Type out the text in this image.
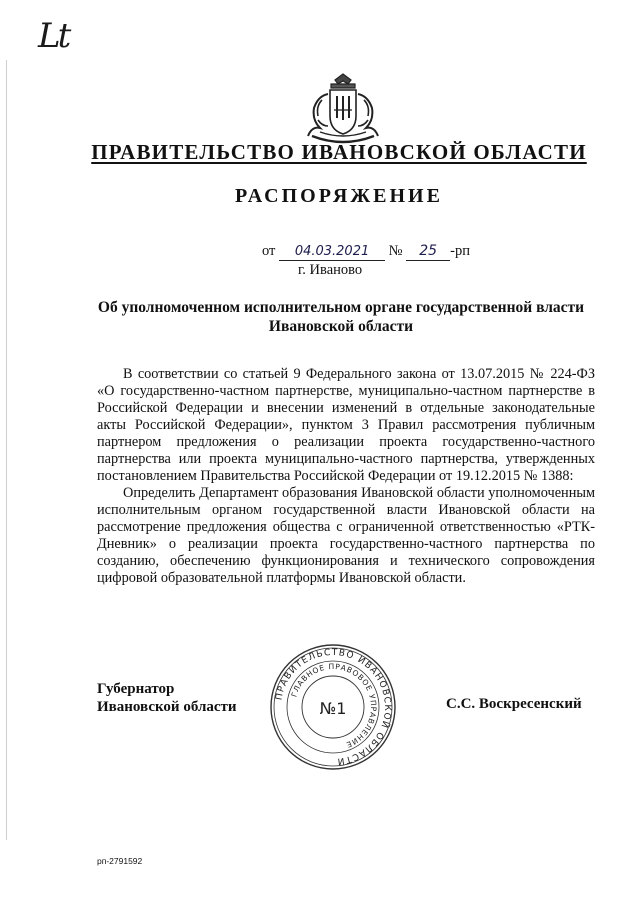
Lt
ПРАВИТЕЛЬСТВО ИВАНОВСКОЙ ОБЛАСТИ
РАСПОРЯЖЕНИЕ
от 04.03.2021 № 25 -рп
г. Иваново
Об уполномоченном исполнительном органе государственной власти
Ивановской области

В соответствии со статьей 9 Федерального закона от 13.07.2015 № 224-ФЗ «О государственно-частном партнерстве, муниципально-частном партнерстве в Российской Федерации и внесении изменений в отдельные законодательные акты Российской Федерации», пунктом 3 Правил рассмотрения публичным партнером предложения о реализации проекта государственно-частного партнерства или проекта муниципально-частного партнерства, утвержденных постановлением Правительства Российской Федерации от 19.12.2015 № 1388:

Определить Департамент образования Ивановской области уполномоченным исполнительным органом государственной власти Ивановской области на рассмотрение предложения общества с ограниченной ответственностью «РТК-Дневник» о реализации проекта государственно-частного партнерства по созданию, обеспечению функционирования и технического сопровождения цифровой образовательной платформы Ивановской области.

Губернатор
Ивановской области
ПРАВИТЕЛЬСТВО ИВАНОВСКОЙ ОБЛАСТИ
ГЛАВНОЕ ПРАВОВОЕ УПРАВЛЕНИЕ
№1	С.С. Воскресенский
рп-2791592
